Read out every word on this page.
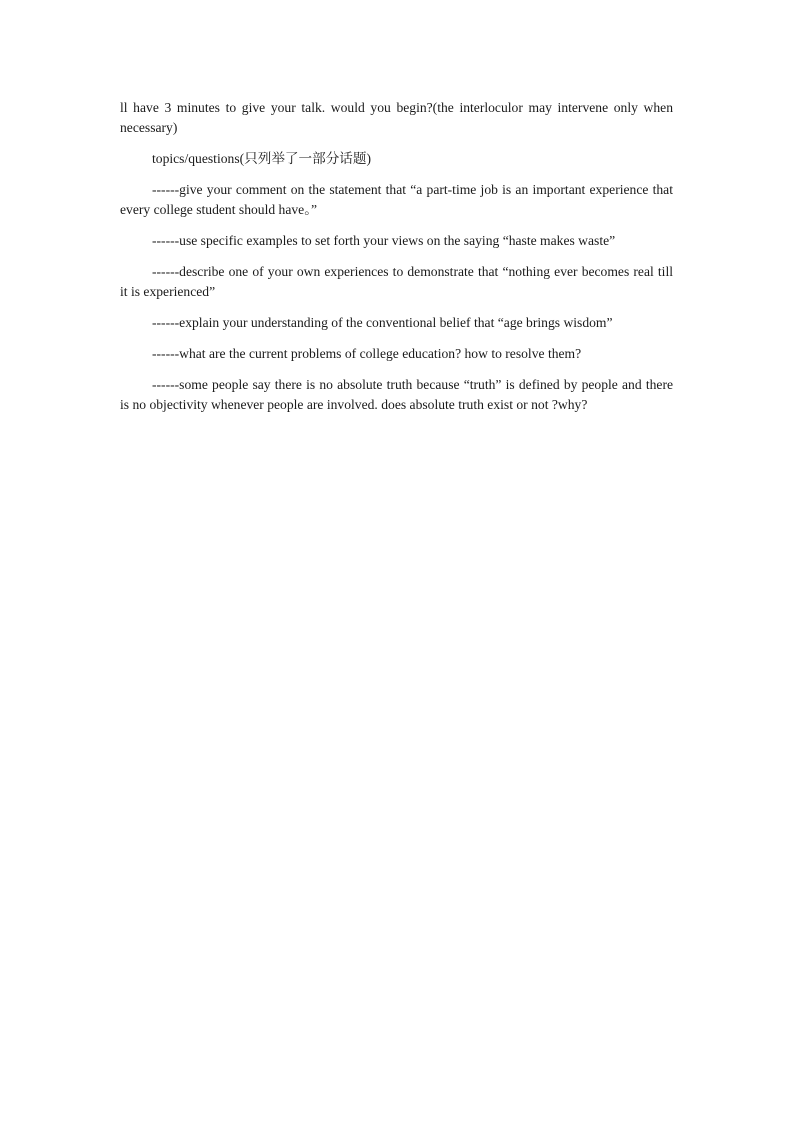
ll have 3 minutes to give your talk. would you begin?(the interloculor may intervene only when necessary)

topics/questions(只列举了一部分话题)

------give your comment on the statement that “a part-time job is an important experience that every college student should have。”

------use specific examples to set forth your views on the saying “haste makes waste”

------describe one of your own experiences to demonstrate that “nothing ever becomes real till it is experienced”

------explain your understanding of the conventional belief that “age brings wisdom”

------what are the current problems of college education? how to resolve them?

------some people say there is no absolute truth because “truth” is defined by people and there is no objectivity whenever people are involved. does absolute truth exist or not ?why?
